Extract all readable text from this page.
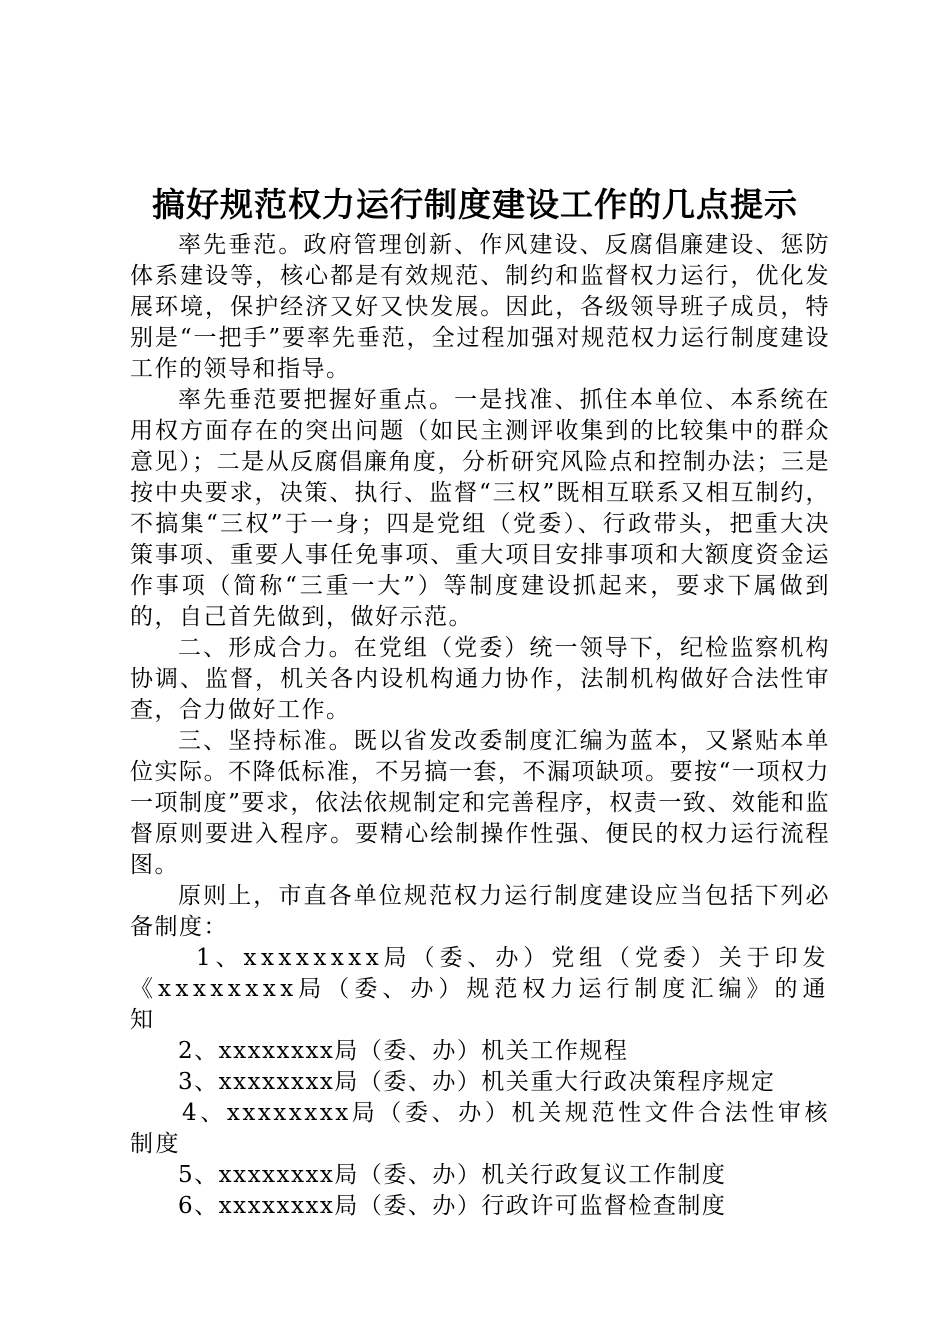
搞好规范权力运行制度建设工作的几点提示

率先垂范。政府管理创新、作风建设、反腐倡廉建设、惩防体系建设等，核心都是有效规范、制约和监督权力运行，优化发展环境，保护经济又好又快发展。因此，各级领导班子成员，特别是“一把手”要率先垂范，全过程加强对规范权力运行制度建设工作的领导和指导。

率先垂范要把握好重点。一是找准、抓住本单位、本系统在用权方面存在的突出问题（如民主测评收集到的比较集中的群众意见）；二是从反腐倡廉角度，分析研究风险点和控制办法；三是按中央要求，决策、执行、监督“三权”既相互联系又相互制约，不搞集“三权”于一身；四是党组（党委）、行政带头，把重大决策事项、重要人事任免事项、重大项目安排事项和大额度资金运作事项（简称“三重一大”）等制度建设抓起来，要求下属做到的，自己首先做到，做好示范。

二、形成合力。在党组（党委）统一领导下，纪检监察机构协调、监督，机关各内设机构通力协作，法制机构做好合法性审查，合力做好工作。

三、坚持标准。既以省发改委制度汇编为蓝本，又紧贴本单位实际。不降低标准，不另搞一套，不漏项缺项。要按“一项权力一项制度”要求，依法依规制定和完善程序，权责一致、效能和监督原则要进入程序。要精心绘制操作性强、便民的权力运行流程图。

原则上，市直各单位规范权力运行制度建设应当包括下列必备制度：

1、xxxxxxxx局（委、办）党组（党委）关于印发《xxxxxxxx局（委、办）规范权力运行制度汇编》的通知

2、xxxxxxxx局（委、办）机关工作规程

3、xxxxxxxx局（委、办）机关重大行政决策程序规定

4、xxxxxxxx局（委、办）机关规范性文件合法性审核制度

5、xxxxxxxx局（委、办）机关行政复议工作制度

6、xxxxxxxx局（委、办）行政许可监督检查制度
